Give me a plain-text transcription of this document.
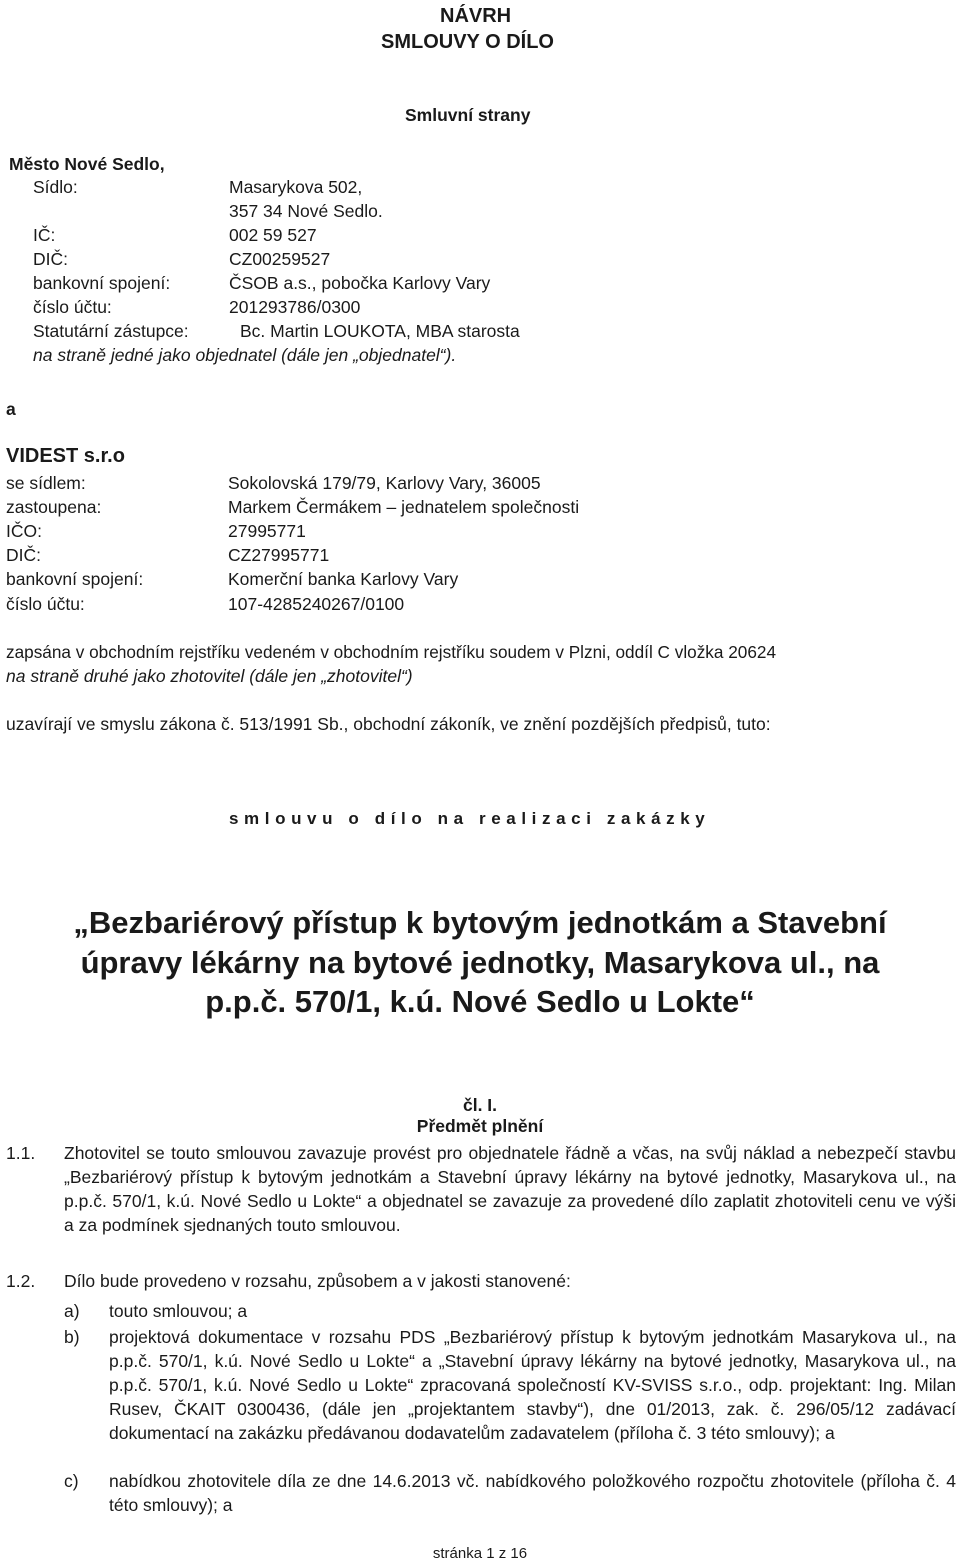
NÁVRH
SMLOUVY O DÍLO
Smluvní strany
Město Nové Sedlo,
Sídlo:	Masarykova 502,
357 34 Nové Sedlo.
IČ:	002 59 527
DIČ:	CZ00259527
bankovní spojení:	ČSOB a.s., pobočka Karlovy Vary
číslo účtu:	201293786/0300
Statutární zástupce:	Bc. Martin LOUKOTA, MBA starosta
na straně jedné jako objednatel (dále jen „objednatel“).
a
VIDEST s.r.o
se sídlem:	Sokolovská 179/79, Karlovy Vary, 36005
zastoupena:	Markem Čermákem – jednatelem společnosti
IČO:	27995771
DIČ:	CZ27995771
bankovní spojení:	Komerční banka Karlovy Vary
číslo účtu:	107-4285240267/0100
zapsána v obchodním rejstříku vedeném v obchodním rejstříku soudem v Plzni, oddíl C vložka 20624
na straně druhé jako zhotovitel (dále jen „zhotovitel“)
uzavírají ve smyslu zákona č. 513/1991 Sb., obchodní zákoník, ve znění pozdějších předpisů, tuto:
smlouvu o dílo na realizaci zakázky
„Bezbariérový přístup k bytovým jednotkám a Stavební
úpravy lékárny na bytové jednotky, Masarykova ul., na
p.p.č. 570/1, k.ú. Nové Sedlo u Lokte“
čl. I.
Předmět plnění
1.1. Zhotovitel se touto smlouvou zavazuje provést pro objednatele řádně a včas, na svůj náklad a nebezpečí stavbu „Bezbariérový přístup k bytovým jednotkám a Stavební úpravy lékárny na bytové jednotky, Masarykova ul., na p.p.č. 570/1, k.ú. Nové Sedlo u Lokte“ a objednatel se zavazuje za provedené dílo zaplatit zhotoviteli cenu ve výši a za podmínek sjednaných touto smlouvou.
1.2. Dílo bude provedeno v rozsahu, způsobem a v jakosti stanovené:
a) touto smlouvou; a
b) projektová dokumentace v rozsahu PDS „Bezbariérový přístup k bytovým jednotkám Masarykova ul., na p.p.č. 570/1, k.ú. Nové Sedlo u Lokte“ a „Stavební úpravy lékárny na bytové jednotky, Masarykova ul., na p.p.č. 570/1, k.ú. Nové Sedlo u Lokte“ zpracovaná společností KV-SVISS s.r.o., odp. projektant: Ing. Milan Rusev, ČKAIT 0300436, (dále jen „projektantem stavby“), dne 01/2013, zak. č. 296/05/12 zadávací dokumentací na zakázku předávanou dodavatelům zadavatelem (příloha č. 3 této smlouvy); a
c) nabídkou zhotovitele díla ze dne 14.6.2013 vč. nabídkového položkového rozpočtu zhotovitele (příloha č. 4 této smlouvy); a
stránka 1 z 16
